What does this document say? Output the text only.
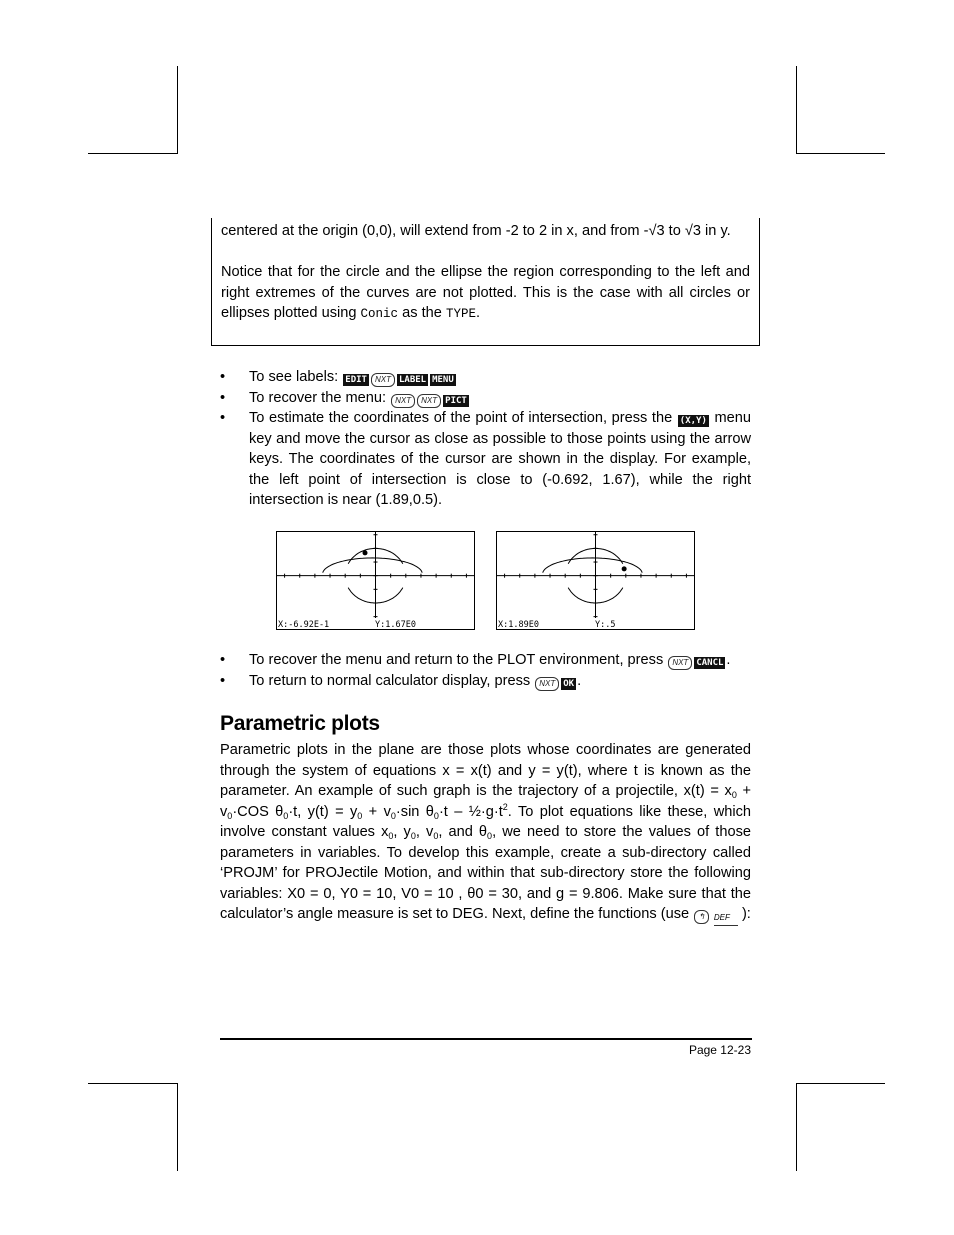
centered at the origin (0,0), will extend from -2 to 2 in x, and from -√3 to √3 in y.

Notice that for the circle and the ellipse the region corresponding to the left and right extremes of the curves are not plotted. This is the case with all circles or ellipses plotted using Conic as the TYPE.

• To see labels: EDIT NXT LABEL MENU
• To recover the menu: NXT NXT PICT
• To estimate the coordinates of the point of intersection, press the (X,Y) menu key and move the cursor as close as possible to those points using the arrow keys. The coordinates of the cursor are shown in the display. For example, the left point of intersection is close to (-0.692, 1.67), while the right intersection is near (1.89,0.5).
X:-6.92E-1	Y:1.67E0	X:1.89E0	Y:.5
• To recover the menu and return to the PLOT environment, press NXT CANCL .
• To return to normal calculator display, press NXT OK .
Parametric plots

Parametric plots in the plane are those plots whose coordinates are generated through the system of equations x = x(t) and y = y(t), where t is known as the parameter. An example of such graph is the trajectory of a projectile, $x(t) = x_0 + v_0\cdot COS$ $\theta_0\cdot t$, $y(t) = y_0 + v_0\cdot\sin$ $\theta_0\cdot t$ – $\frac{1}{2}\cdot g\cdot t^2$. To plot equations like these, which involve constant values $x_0$, $y_0$, $v_0$, and $\theta_0$, we need to store the values of those parameters in variables. To develop this example, create a sub-directory called ‘PROJM’ for PROJectile Motion, and within that sub-directory store the following variables: X0 = 0, Y0 = 10, V0 = 10 , θ0 = 30, and g = 9.806. Make sure that the calculator’s angle measure is set to DEG. Next, define the functions (use ↰ DEF ):

Page 12-23
